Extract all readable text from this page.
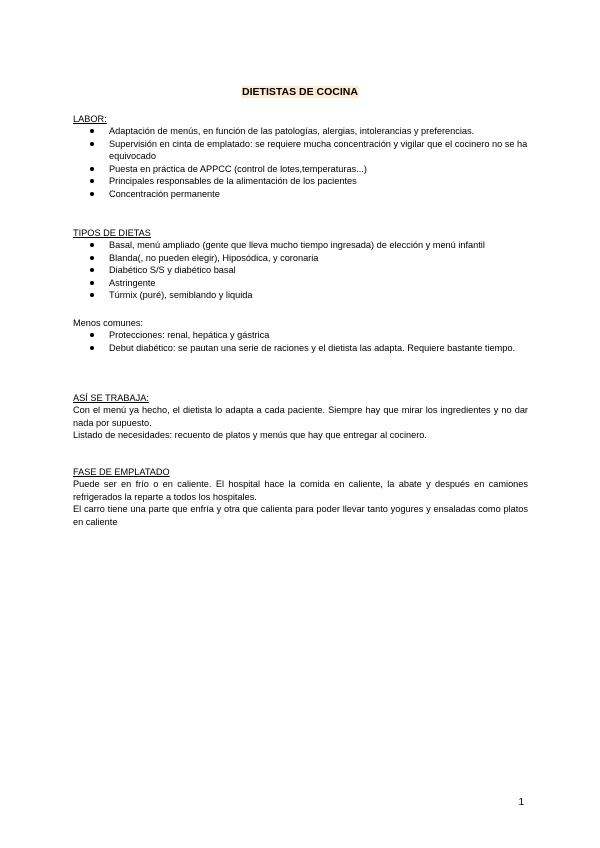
DIETISTAS DE COCINA
LABOR:
Adaptación de menús, en función de las patologías, alergias, intolerancias y preferencias.
Supervisión en cinta de emplatado: se requiere mucha concentración y vigilar que el cocinero no se ha equivocado
Puesta en práctica de APPCC (control de lotes,temperaturas...)
Principales responsables de la alimentación de los pacientes
Concentración permanente
TIPOS DE DIETAS
Basal, menú ampliado (gente que lleva mucho tiempo ingresada) de elección y menú infantil
Blanda(, no pueden elegir), Hiposódica, y coronaria
Diabético S/S y diabético basal
Astringente
Túrmix (puré), semiblando y liquida
Menos comunes:
Protecciones: renal, hepática y gástrica
Debut diabético: se pautan una serie de raciones y el dietista las adapta. Requiere bastante tiempo.
ASÍ SE TRABAJA:
Con el menú ya hecho, el dietista lo adapta a cada paciente. Siempre hay que mirar los ingredientes y no dar nada por supuesto.
Listado de necesidades: recuento de platos y menús que hay que entregar al cocinero.
FASE DE EMPLATADO
Puede ser en frío o en caliente. El hospital hace la comida en caliente, la abate y después en camiones refrigerados la reparte a todos los hospitales.
El carro tiene una parte que enfría y otra que calienta para poder llevar tanto yogures y ensaladas como platos en caliente
1
